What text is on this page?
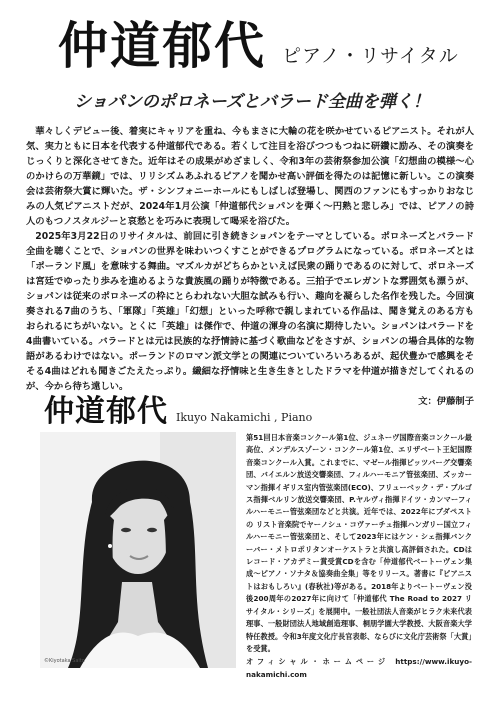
仲道郁代 ピアノ・リサイタル
ショパンのポロネーズとバラード全曲を弾く！

華々しくデビュー後、着実にキャリアを重ね、今もまさに大輪の花を咲かせているピアニスト。それが人気、実力ともに日本を代表する仲道郁代である。若くして注目を浴びつつもつねに研鑽に励み、その演奏をじっくりと深化させてきた。近年はその成果がめざましく、令和3年の芸術祭参加公演「幻想曲の模様〜心のかけらの万華鏡」では、リリシズムあふれるピアノを聞かせ高い評価を得たのは記憶に新しい。この演奏会は芸術祭大賞に輝いた。ザ・シンフォニーホールにもしばしば登場し、関西のファンにもすっかりおなじみの人気ピアニストだが、2024年1月公演「仲道郁代ショパンを弾く〜円熟と悲しみ」では、ピアノの詩人のもつノスタルジーと哀愁とを巧みに表現して喝采を浴びた。

2025年3月22日のリサイタルは、前回に引き続きショパンをテーマとしている。ポロネーズとバラード全曲を聴くことで、ショパンの世界を味わいつくすことができるプログラムになっている。ポロネーズとは「ポーランド風」を意味する舞曲。マズルカがどちらかといえば民衆の踊りであるのに対して、ポロネーズは宮廷でゆったり歩みを進めるような貴族風の踊りが特徴である。三拍子でエレガントな雰囲気も漂うが、ショパンは従来のポロネーズの枠にとらわれない大胆な試みも行い、趣向を凝らした名作を残した。今回演奏される7曲のうち、「軍隊」「英雄」「幻想」といった呼称で親しまれている作品は、聞き覚えのある方もおられるにちがいない。とくに「英雄」は傑作で、仲道の渾身の名演に期待したい。ショパンはバラードを4曲書いている。バラードとは元は民族的な抒情詩に基づく歌曲などをさすが、ショパンの場合具体的な物語があるわけではない。ポーランドのロマン派文学との関連についていろいろあるが、起伏豊かで感興をそそる4曲はどれも聞きごたえたっぷり。繊細な抒情味と生き生きとしたドラマを仲道が描きだしてくれるのが、今から待ち遠しい。

文：伊藤制子

仲道郁代 Ikuyo Nakamichi , Piano
©Kiyotaka Saito

第51回日本音楽コンクール第1位、ジュネーヴ国際音楽コンクール最高位、メンデルスゾーン・コンクール第1位、エリザベート王妃国際音楽コンクール入賞。これまでに、マゼール指揮ピッツバーグ交響楽団、バイエルン放送交響楽団、フィルハーモニア管弦楽団、ズッカーマン指揮イギリス室内管弦楽団(ECO)、フリューベック・デ・ブルゴス指揮ベルリン放送交響楽団、P.ヤルヴィ指揮ドイツ・カンマーフィルハーモニー管弦楽団などと共演。近年では、2022年にブダペストの リスト音楽院でヤーノシュ・コヴァーチュ指揮ハンガリー国立フィルハーモニー管弦楽団と、そして2023年にはケン・シェ指揮バンクーバー・メトロポリタンオーケストラと共演し高評価された。CDはレコード・アカデミー賞受賞CDを含む「仲道郁代ベートーヴェン集成〜ピアノ・ソナタ＆協奏曲全集」等をリリース。著書に『ピアニストはおもしろい』(春秋社)等がある。2018年よりベートーヴェン没後200周年の2027年に向けて「仲道郁代 The Road to 2027 リサイタル・シリーズ」を展開中。一般社団法人音楽がヒラク未来代表理事、一般財団法人地域創造理事、桐朋学園大学教授、大阪音楽大学特任教授。令和3年度文化庁長官表彰、ならびに文化庁芸術祭「大賞」を受賞。

オフィシャル・ホームページ https://www.ikuyo-nakamichi.com
